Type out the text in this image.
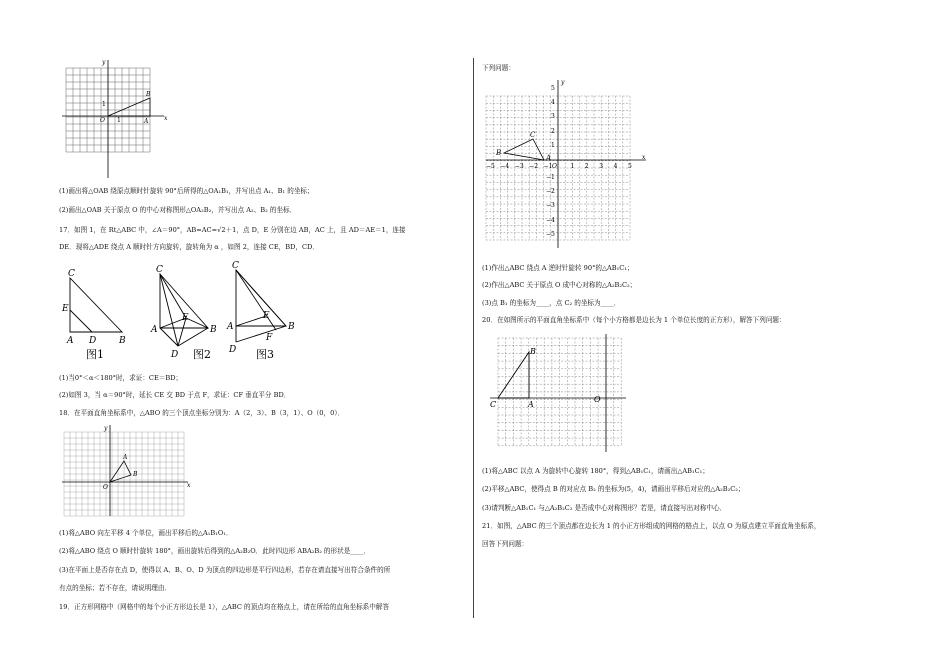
x
y
O	A
B
1
1
(1)画出将△OAB 绕原点顺时针旋转 90°后所得的△OA₁B₁，并写出点 A₁、B₁ 的坐标；
(2)画出△OAB 关于原点 O 的中心对称图形△OA₂B₂，并写出点 A₂、B₂ 的坐标．
17．如图 1，在 Rt△ABC 中，∠A＝90°，AB=AC=√2＋1，点 D，E 分别在边 AB，AC 上，且 AD＝AE＝1，连接
DE．现将△ADE 绕点 A 顺时针方向旋转，旋转角为 α ，如图 2，连接 CE，BD，CD．
C
E
A D	B
图1
C
E
A	B
D 图2
C
E
A	B
F
D 图3
(1)当0°＜α＜180°时，求证：CE＝BD；
(2)如图 3，当 α＝90°时，延长 CE 交 BD 于点 F，求证：CF 垂直平分 BD．
18．在平面直角坐标系中，△ABO 的三个顶点坐标分别为：A（2，3）、B（3，1）、O（0，0）．
x
y
O
A
B
(1)将△ABO 向左平移 4 个单位，画出平移后的△A₁B₁O₁．
(2)将△ABO 绕点 O 顺时针旋转 180°，画出旋转后得到的△A₂B₂O．此时四边形 ABA₂B₂ 的形状是____．
(3)在平面上是否存在点 D，使得以 A、B、O、D 为顶点的四边形是平行四边形，若存在请直接写出符合条件的所
有点的坐标；若不存在，请说明理由．
19．正方形网格中（网格中的每个小正方形边长是 1），△ABC 的顶点均在格点上，请在所给的直角坐标系中解答
下列问题：
x
y
O
A
B
C
−5 −4 −3 −2 −1	1 2 3 4 5
5
4
3
2
1
−1
−2
−3
−4
−5
(1)作出△ABC 绕点 A 逆时针旋转 90°的△AB₁C₁；
(2)作出△ABC 关于原点 O 成中心对称的△A₂B₂C₂；
(3)点 B₁ 的坐标为____，点 C₂ 的坐标为____．
20．在如图所示的平面直角坐标系中（每个小方格都是边长为 1 个单位长度的正方形），解答下列问题：
O
A
B
C
(1)将△ABC 以点 A 为旋转中心旋转 180°，得到△AB₁C₁，请画出△AB₁C₁；
(2)平移△ABC，使得点 B 的对应点 B₂ 的坐标为(5，4)，请画出平移后对应的△A₂B₂C₂；
(3)请判断△AB₁C₁ 与△A₂B₂C₂ 是否成中心对称图形？若是，请直接写出对称中心．
21．如图，△ABC 的三个顶点都在边长为 1 的小正方形组成的网格的格点上，以点 O 为原点建立平面直角坐标系，
回答下列问题：
